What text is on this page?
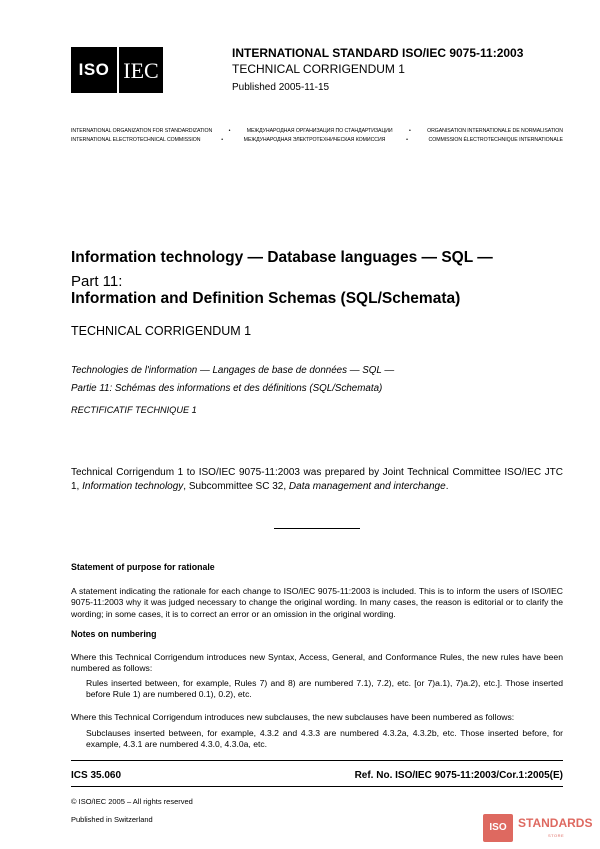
ISO IEC
INTERNATIONAL STANDARD ISO/IEC 9075-11:2003
TECHNICAL CORRIGENDUM 1
Published 2005-11-15
INTERNATIONAL ORGANIZATION FOR STANDARDIZATION	•	МЕЖДУНАРОДНАЯ ОРГАНИЗАЦИЯ ПО СТАНДАРТИЗАЦИИ	•	ORGANISATION INTERNATIONALE DE NORMALISATION
INTERNATIONAL ELECTROTECHNICAL COMMISSION	•	МЕЖДУНАРОДНАЯ ЭЛЕКТРОТЕХНИЧЕСКАЯ КОМИССИЯ	•	COMMISSION ÉLECTROTECHNIQUE INTERNATIONALE
Information technology — Database languages — SQL —
Part 11:
Information and Definition Schemas (SQL/Schemata)
TECHNICAL CORRIGENDUM 1
Technologies de l'information — Langages de base de données — SQL —
Partie 11: Schémas des informations et des définitions (SQL/Schemata)
RECTIFICATIF TECHNIQUE 1
Technical Corrigendum 1 to ISO/IEC 9075-11:2003 was prepared by Joint Technical Committee ISO/IEC JTC 1, Information technology, Subcommittee SC 32, Data management and interchange.
Statement of purpose for rationale
A statement indicating the rationale for each change to ISO/IEC 9075-11:2003 is included. This is to inform the users of ISO/IEC 9075-11:2003 why it was judged necessary to change the original wording. In many cases, the reason is editorial or to clarify the wording; in some cases, it is to correct an error or an omission in the original wording.
Notes on numbering
Where this Technical Corrigendum introduces new Syntax, Access, General, and Conformance Rules, the new rules have been numbered as follows:
Rules inserted between, for example, Rules 7) and 8) are numbered 7.1), 7.2), etc. [or 7)a.1), 7)a.2), etc.]. Those inserted before Rule 1) are numbered 0.1), 0.2), etc.
Where this Technical Corrigendum introduces new subclauses, the new subclauses have been numbered as follows:
Subclauses inserted between, for example, 4.3.2 and 4.3.3 are numbered 4.3.2a, 4.3.2b, etc. Those inserted before, for example, 4.3.1 are numbered 4.3.0, 4.3.0a, etc.
ICS 35.060	Ref. No. ISO/IEC 9075-11:2003/Cor.1:2005(E)
© ISO/IEC 2005 – All rights reserved
Published in Switzerland
ISO STANDARDS
STORE
